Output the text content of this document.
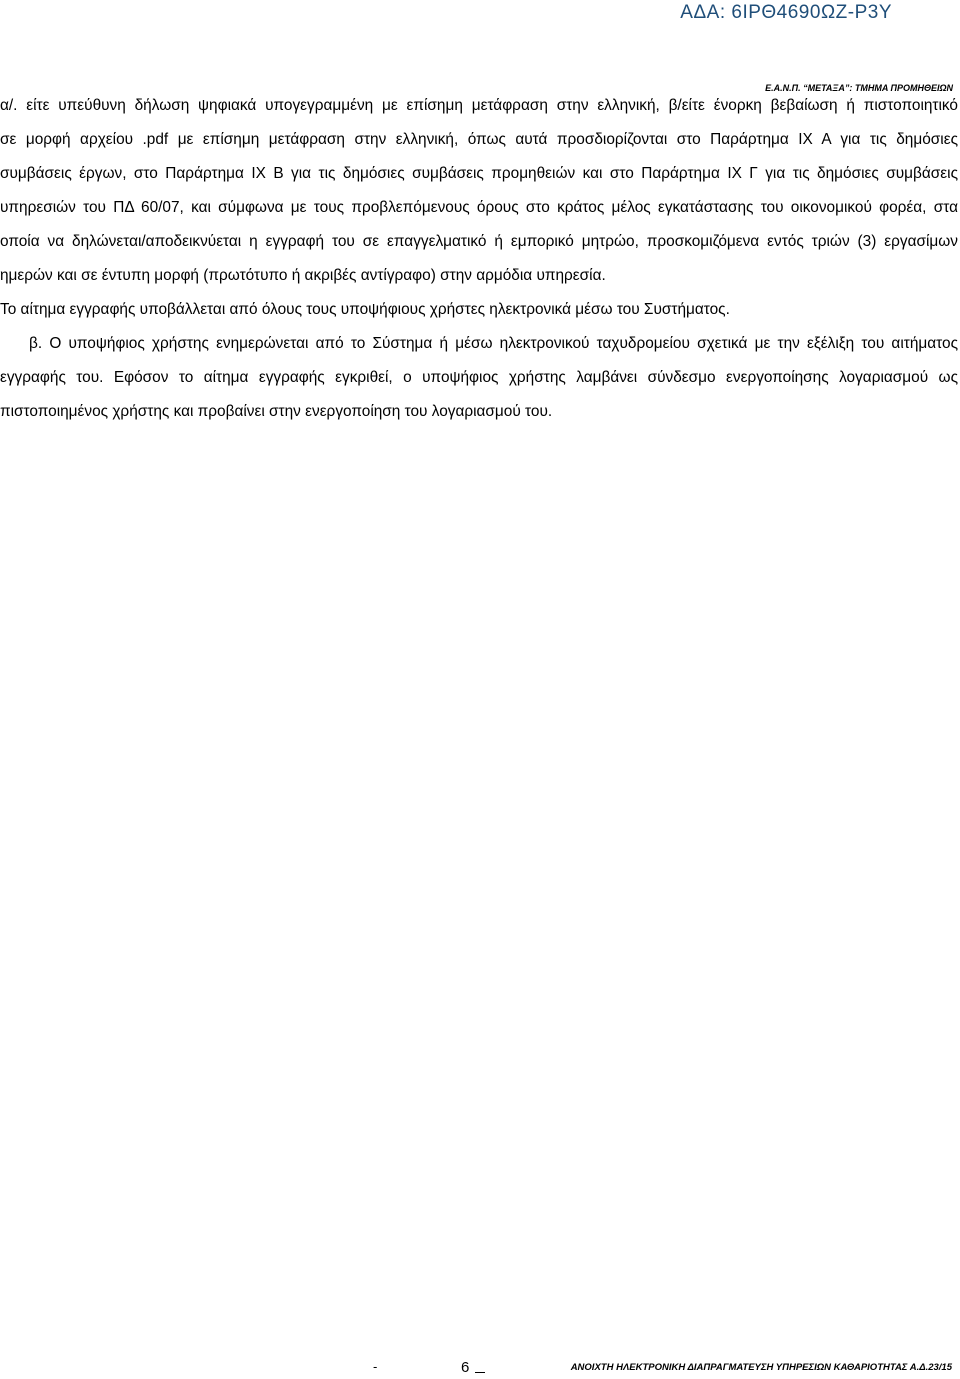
ΑΔΑ: 6ΙΡΘ4690ΩΖ-Ρ3Υ
Ε.Α.Ν.Π. “ΜΕΤΑΞΑ”: ΤΜΗΜΑ ΠΡΟΜΗΘΕΙΩΝ

α/. είτε υπεύθυνη δήλωση ψηφιακά υπογεγραμμένη με επίσημη μετάφραση στην ελληνική, β/είτε ένορκη βεβαίωση ή πιστοποιητικό
σε μορφή αρχείου .pdf με επίσημη μετάφραση στην ελληνική, όπως αυτά προσδιορίζονται στο Παράρτημα ΙΧ Α για τις δημόσιες
συμβάσεις έργων, στο Παράρτημα ΙΧ Β για τις δημόσιες συμβάσεις προμηθειών και στο Παράρτημα ΙΧ Γ για τις δημόσιες συμβάσεις
υπηρεσιών του ΠΔ 60/07, και σύμφωνα με τους προβλεπόμενους όρους στο κράτος μέλος εγκατάστασης του οικονομικού φορέα, στα
οποία να δηλώνεται/αποδεικνύεται η εγγραφή του σε επαγγελματικό ή εμπορικό μητρώο, προσκομιζόμενα εντός τριών (3) εργασίμων
ημερών και σε έντυπη μορφή (πρωτότυπο ή ακριβές αντίγραφο) στην αρμόδια υπηρεσία.

Το αίτημα εγγραφής υποβάλλεται από όλους τους υποψήφιους χρήστες ηλεκτρονικά μέσω του Συστήματος.

β. Ο υποψήφιος χρήστης ενημερώνεται από το Σύστημα ή μέσω ηλεκτρονικού ταχυδρομείου σχετικά με την εξέλιξη του αιτήματος
εγγραφής του. Εφόσον το αίτημα εγγραφής εγκριθεί, ο υποψήφιος χρήστης λαμβάνει σύνδεσμο ενεργοποίησης λογαριασμού ως
πιστοποιημένος χρήστης και προβαίνει στην ενεργοποίηση του λογαριασμού του.

-	6	ΑΝΟΙΧΤΗ ΗΛΕΚΤΡΟΝΙΚΗ ΔΙΑΠΡΑΓΜΑΤΕΥΣΗ ΥΠΗΡΕΣΙΩΝ ΚΑΘΑΡΙΟΤΗΤΑΣ Α.Δ.23/15
